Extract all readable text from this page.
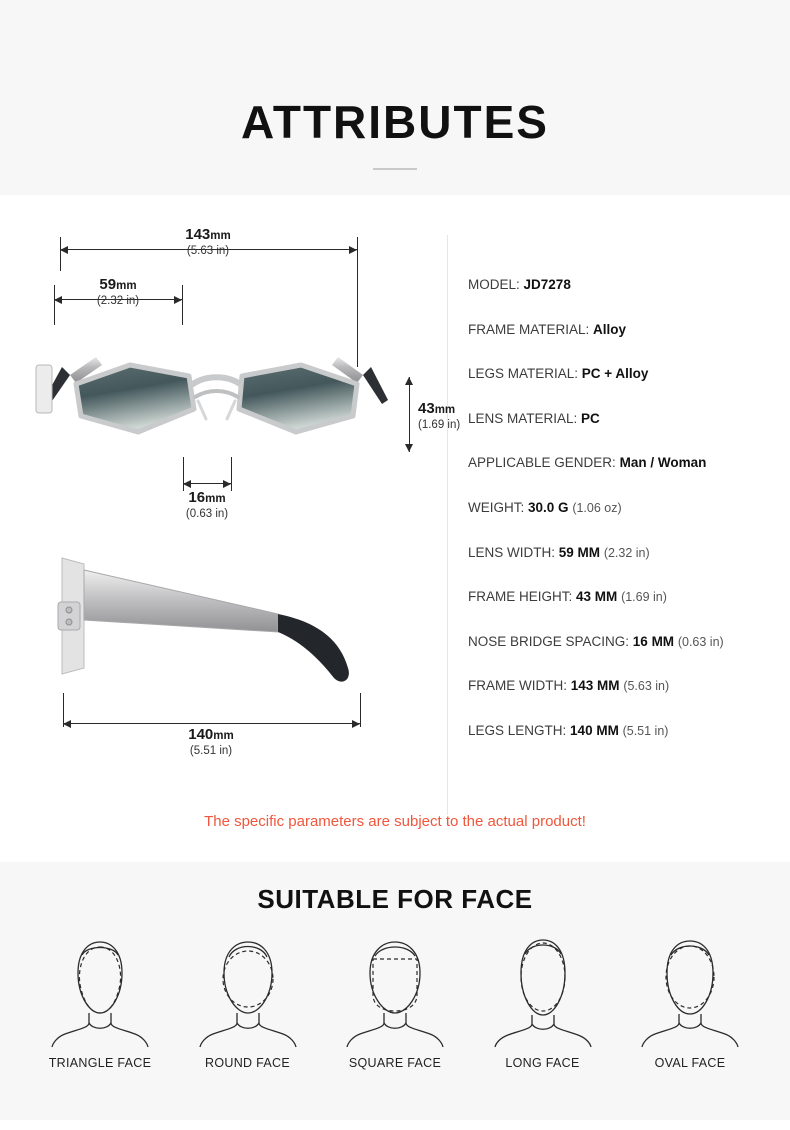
ATTRIBUTES
143mm
(5.63 in)
59mm
(2.32 in)
43mm
(1.69 in)
16mm
(0.63 in)
140mm
(5.51 in)
MODEL: JD7278
FRAME MATERIAL: Alloy
LEGS MATERIAL: PC + Alloy
LENS MATERIAL: PC
APPLICABLE GENDER: Man / Woman
WEIGHT: 30.0 G (1.06 oz)
LENS WIDTH: 59 MM (2.32 in)
FRAME HEIGHT: 43 MM (1.69 in)
NOSE BRIDGE SPACING: 16 MM (0.63 in)
FRAME WIDTH: 143 MM (5.63 in)
LEGS LENGTH: 140 MM (5.51 in)
The specific parameters are subject to the actual product!
SUITABLE FOR FACE
TRIANGLE FACE	ROUND FACE	SQUARE FACE	LONG FACE	OVAL FACE
